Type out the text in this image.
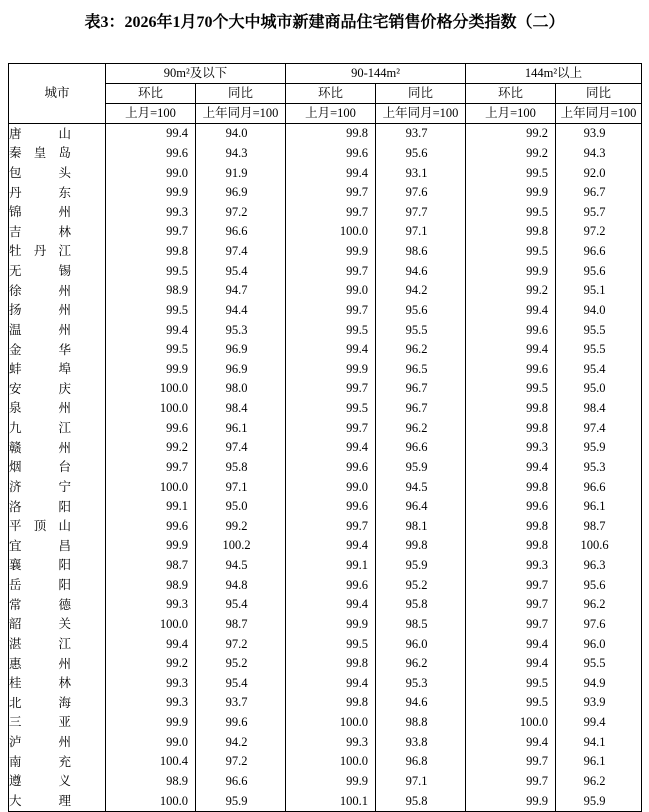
表3：2026年1月70个大中城市新建商品住宅销售价格分类指数（二）
城市	90m²及以下		90-144m²		144m²以上	
	环比	同比	环比	同比	环比	同比
	上月=100	上年同月=100	上月=100	上年同月=100	上月=100	上年同月=100

唐 山	99.4	94.0	99.8	93.7	99.2	93.9

秦 皇 岛	99.6	94.3	99.6	95.6	99.2	94.3

包 头	99.0	91.9	99.4	93.1	99.5	92.0

丹 东	99.9	96.9	99.7	97.6	99.9	96.7

锦 州	99.3	97.2	99.7	97.7	99.5	95.7

吉 林	99.7	96.6	100.0	97.1	99.8	97.2

牡 丹 江	99.8	97.4	99.9	98.6	99.5	96.6

无 锡	99.5	95.4	99.7	94.6	99.9	95.6

徐 州	98.9	94.7	99.0	94.2	99.2	95.1

扬 州	99.5	94.4	99.7	95.6	99.4	94.0

温 州	99.4	95.3	99.5	95.5	99.6	95.5

金 华	99.5	96.9	99.4	96.2	99.4	95.5

蚌 埠	99.9	96.9	99.9	96.5	99.6	95.4

安 庆	100.0	98.0	99.7	96.7	99.5	95.0

泉 州	100.0	98.4	99.5	96.7	99.8	98.4

九 江	99.6	96.1	99.7	96.2	99.8	97.4

赣 州	99.2	97.4	99.4	96.6	99.3	95.9

烟 台	99.7	95.8	99.6	95.9	99.4	95.3

济 宁	100.0	97.1	99.0	94.5	99.8	96.6

洛 阳	99.1	95.0	99.6	96.4	99.6	96.1

平 顶 山	99.6	99.2	99.7	98.1	99.8	98.7

宜 昌	99.9	100.2	99.4	99.8	99.8	100.6

襄 阳	98.7	94.5	99.1	95.9	99.3	96.3

岳 阳	98.9	94.8	99.6	95.2	99.7	95.6

常 德	99.3	95.4	99.4	95.8	99.7	96.2

韶 关	100.0	98.7	99.9	98.5	99.7	97.6

湛 江	99.4	97.2	99.5	96.0	99.4	96.0

惠 州	99.2	95.2	99.8	96.2	99.4	95.5

桂 林	99.3	95.4	99.4	95.3	99.5	94.9

北 海	99.3	93.7	99.8	94.6	99.5	93.9

三 亚	99.9	99.6	100.0	98.8	100.0	99.4

泸 州	99.0	94.2	99.3	93.8	99.4	94.1

南 充	100.4	97.2	100.0	96.8	99.7	96.1

遵 义	98.9	96.6	99.9	97.1	99.7	96.2

大 理	100.0	95.9	100.1	95.8	99.9	95.9
